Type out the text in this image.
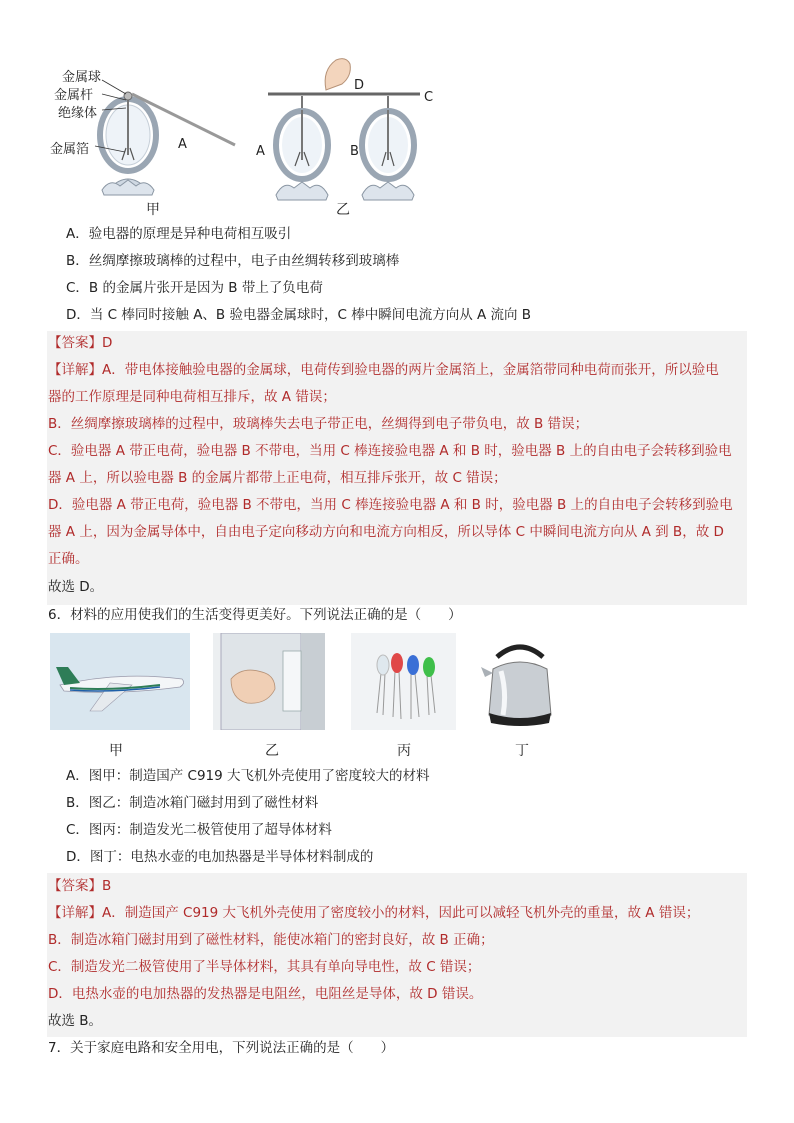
金属球
金属杆
绝缘体
金属箔	A
D
C
A	B
甲	乙
A．验电器的原理是异种电荷相互吸引
B．丝绸摩擦玻璃棒的过程中，电子由丝绸转移到玻璃棒
C．B 的金属片张开是因为 B 带上了负电荷
D．当 C 棒同时接触 A、B 验电器金属球时，C 棒中瞬间电流方向从 A 流向 B
【答案】D
【详解】A．带电体接触验电器的金属球，电荷传到验电器的两片金属箔上，金属箔带同种电荷而张开，所以验电
器的工作原理是同种电荷相互排斥，故 A 错误；
B．丝绸摩擦玻璃棒的过程中，玻璃棒失去电子带正电，丝绸得到电子带负电，故 B 错误；
C．验电器 A 带正电荷，验电器 B 不带电，当用 C 棒连接验电器 A 和 B 时，验电器 B 上的自由电子会转移到验电
器 A 上，所以验电器 B 的金属片都带上正电荷，相互排斥张开，故 C 错误；
D．验电器 A 带正电荷，验电器 B 不带电，当用 C 棒连接验电器 A 和 B 时，验电器 B 上的自由电子会转移到验电
器 A 上，因为金属导体中，自由电子定向移动方向和电流方向相反，所以导体 C 中瞬间电流方向从 A 到 B，故 D
正确。
故选 D。
6．材料的应用使我们的生活变得更美好。下列说法正确的是（　　）
甲	乙	丙	丁
A．图甲：制造国产 C919 大飞机外壳使用了密度较大的材料
B．图乙：制造冰箱门磁封用到了磁性材料
C．图丙：制造发光二极管使用了超导体材料
D．图丁：电热水壶的电加热器是半导体材料制成的
【答案】B
【详解】A．制造国产 C919 大飞机外壳使用了密度较小的材料，因此可以减轻飞机外壳的重量，故 A 错误；
B．制造冰箱门磁封用到了磁性材料，能使冰箱门的密封良好，故 B 正确；
C．制造发光二极管使用了半导体材料，其具有单向导电性，故 C 错误；
D．电热水壶的电加热器的发热器是电阻丝，电阻丝是导体，故 D 错误。
故选 B。
7．关于家庭电路和安全用电，下列说法正确的是（　　）
